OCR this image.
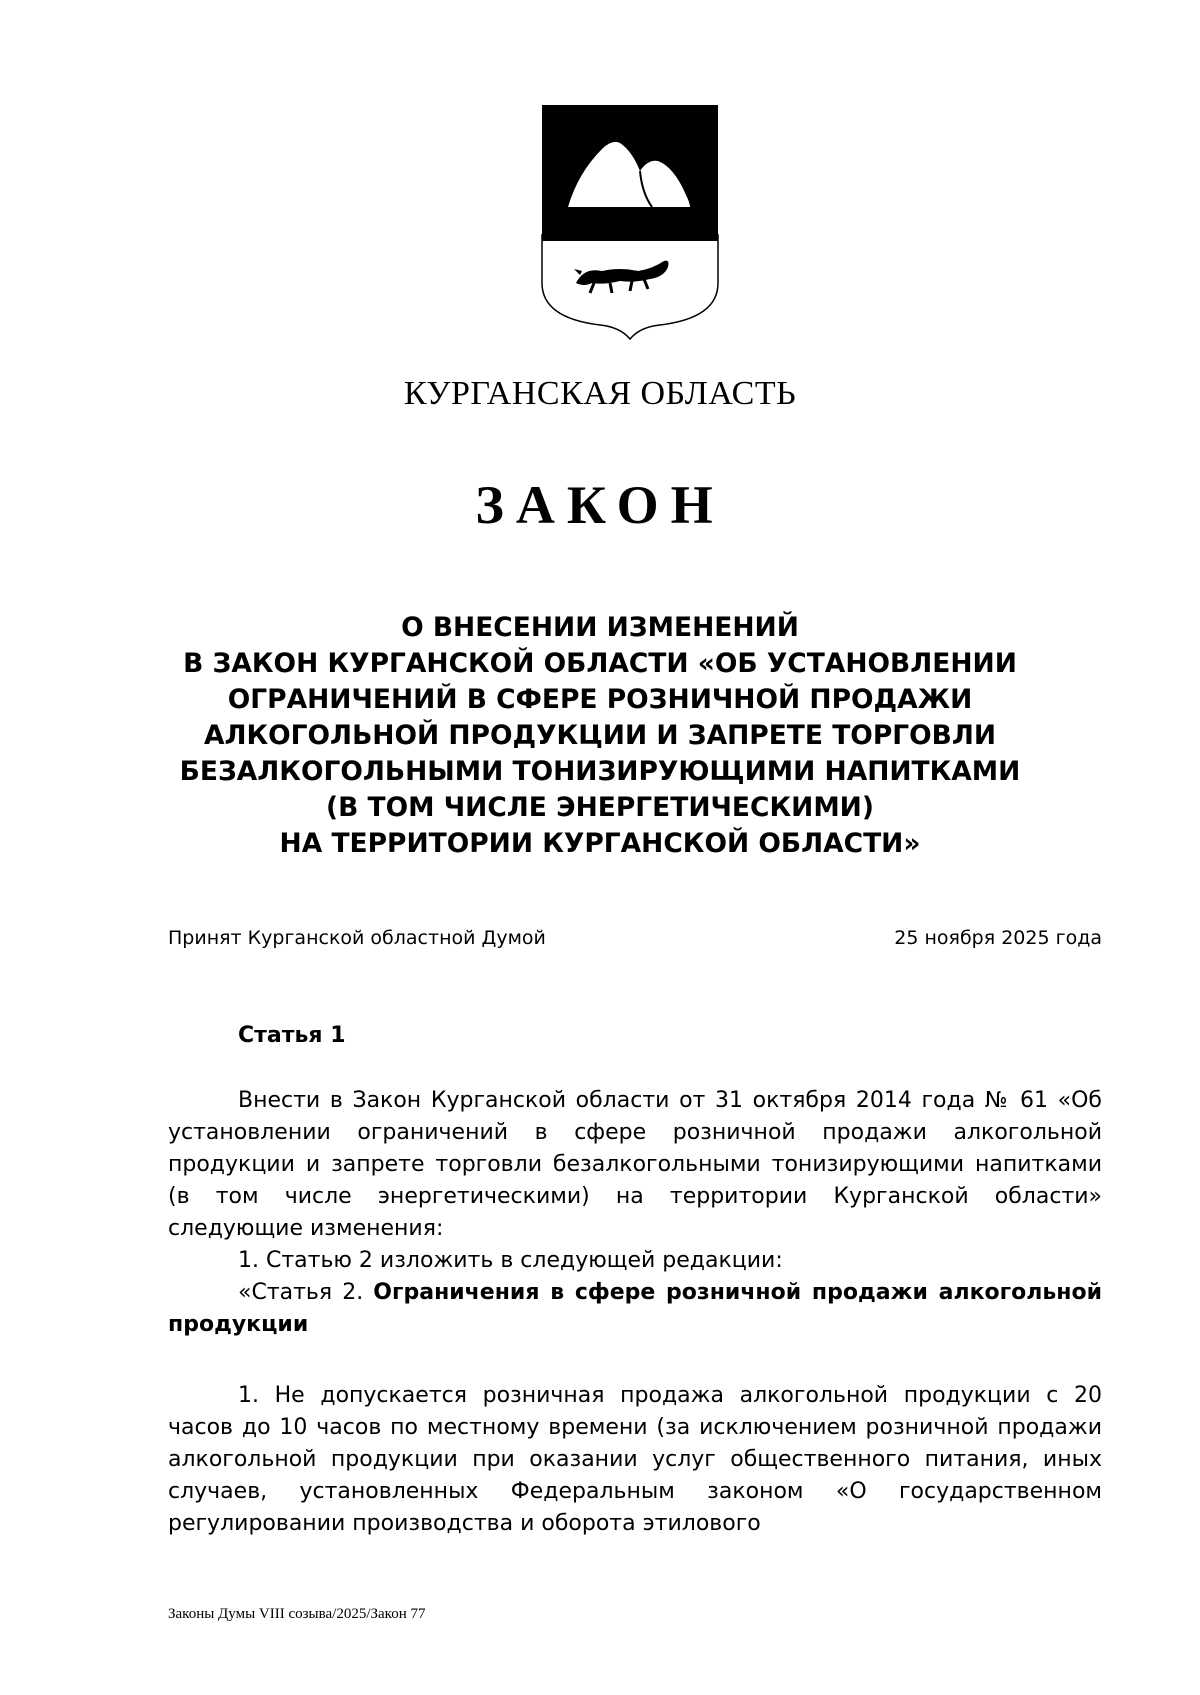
КУРГАНСКАЯ ОБЛАСТЬ
ЗАКОН
О ВНЕСЕНИИ ИЗМЕНЕНИЙ
В ЗАКОН КУРГАНСКОЙ ОБЛАСТИ «ОБ УСТАНОВЛЕНИИ
ОГРАНИЧЕНИЙ В СФЕРЕ РОЗНИЧНОЙ ПРОДАЖИ
АЛКОГОЛЬНОЙ ПРОДУКЦИИ И ЗАПРЕТЕ ТОРГОВЛИ
БЕЗАЛКОГОЛЬНЫМИ ТОНИЗИРУЮЩИМИ НАПИТКАМИ
(В ТОМ ЧИСЛЕ ЭНЕРГЕТИЧЕСКИМИ)
НА ТЕРРИТОРИИ КУРГАНСКОЙ ОБЛАСТИ»
Принят Курганской областной Думой	25 ноября 2025 года
Статья 1

Внести в Закон Курганской области от 31 октября 2014 года № 61 «Об установлении ограничений в сфере розничной продажи алкогольной продукции и запрете торговли безалкогольными тонизирующими напитками (в том числе энергетическими) на территории Курганской области» следующие изменения:

1. Статью 2 изложить в следующей редакции:

«Статья 2. Ограничения в сфере розничной продажи алкогольной продукции

1. Не допускается розничная продажа алкогольной продукции с 20 часов до 10 часов по местному времени (за исключением розничной продажи алкогольной продукции при оказании услуг общественного питания, иных случаев, установленных Федеральным законом «О государственном регулировании производства и оборота этилового

Законы Думы VIII созыва/2025/Закон 77
